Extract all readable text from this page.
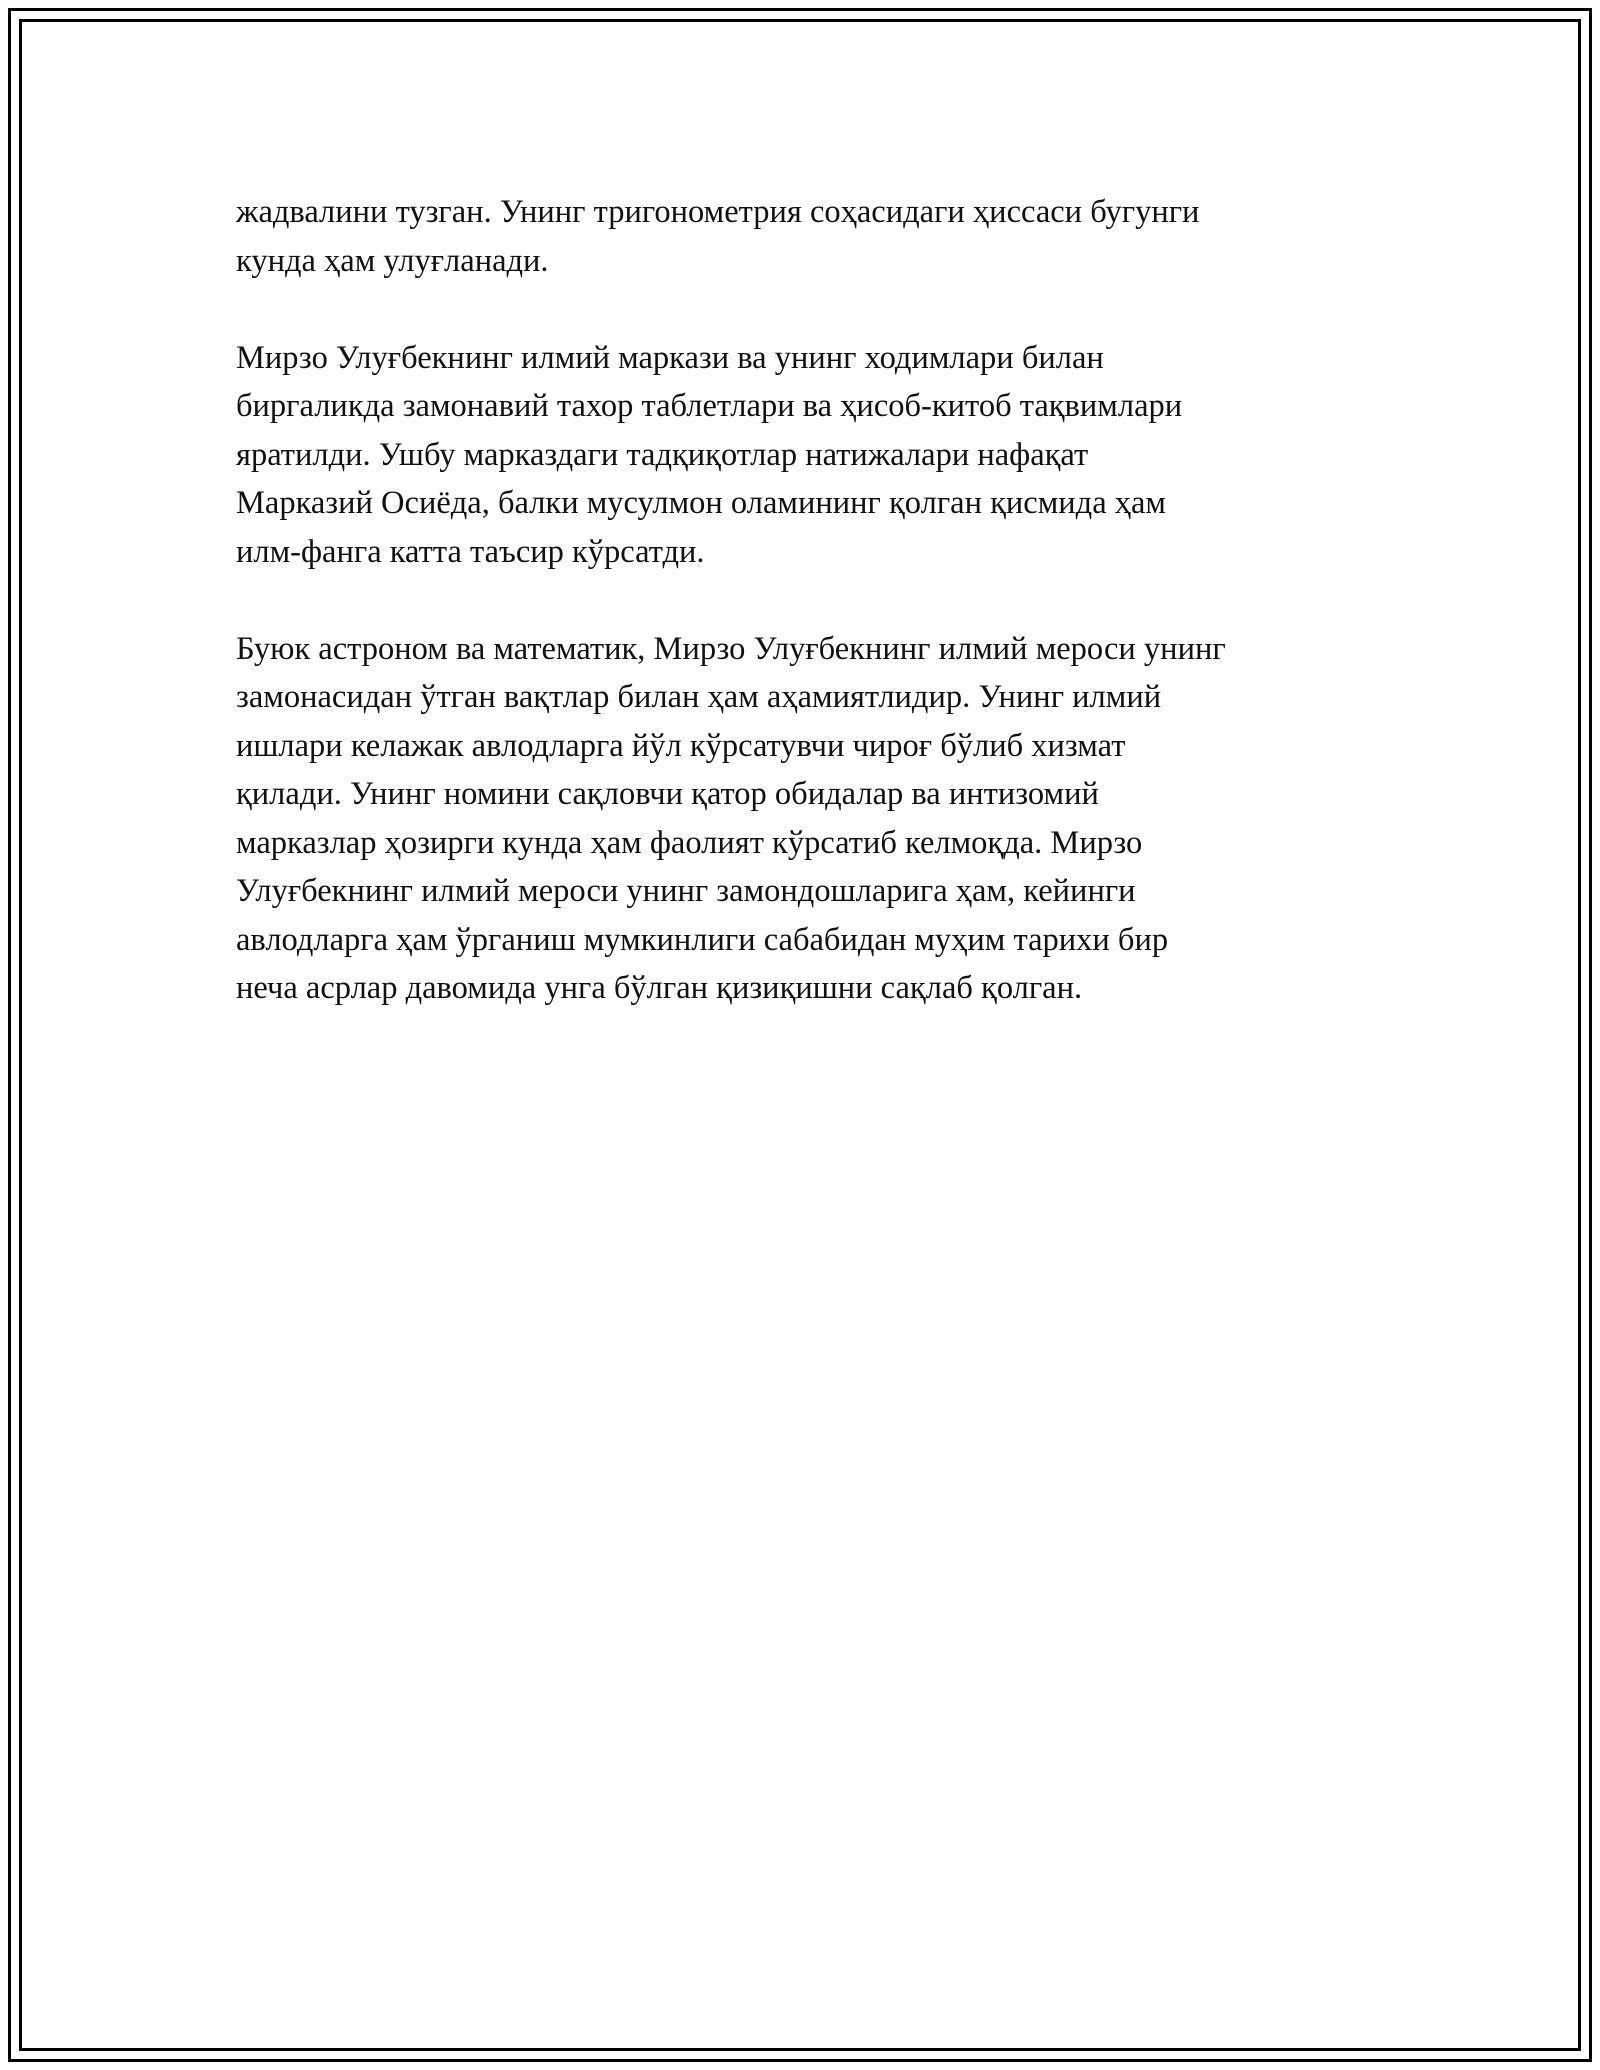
жадвалини тузган. Унинг тригонометрия соҳасидаги ҳиссаси бугунги
кунда ҳам улуғланади.

Мирзо Улуғбекнинг илмий маркази ва унинг ходимлари билан
биргаликда замонавий тахор таблетлари ва ҳисоб-китоб тақвимлари
яратилди. Ушбу марказдаги тадқиқотлар натижалари нафақат
Марказий Осиёда, балки мусулмон оламининг қолган қисмида ҳам
илм-фанга катта таъсир кўрсатди.

Буюк астроном ва математик, Мирзо Улуғбекнинг илмий мероси унинг
замонасидан ўтган вақтлар билан ҳам аҳамиятлидир. Унинг илмий
ишлари келажак авлодларга йўл кўрсатувчи чироғ бўлиб хизмат
қилади. Унинг номини сақловчи қатор обидалар ва интизомий
марказлар ҳозирги кунда ҳам фаолият кўрсатиб келмоқда. Мирзо
Улуғбекнинг илмий мероси унинг замондошларига ҳам, кейинги
авлодларга ҳам ўрганиш мумкинлиги сабабидан муҳим тарихи бир
неча асрлар давомида унга бўлган қизиқишни сақлаб қолган.
